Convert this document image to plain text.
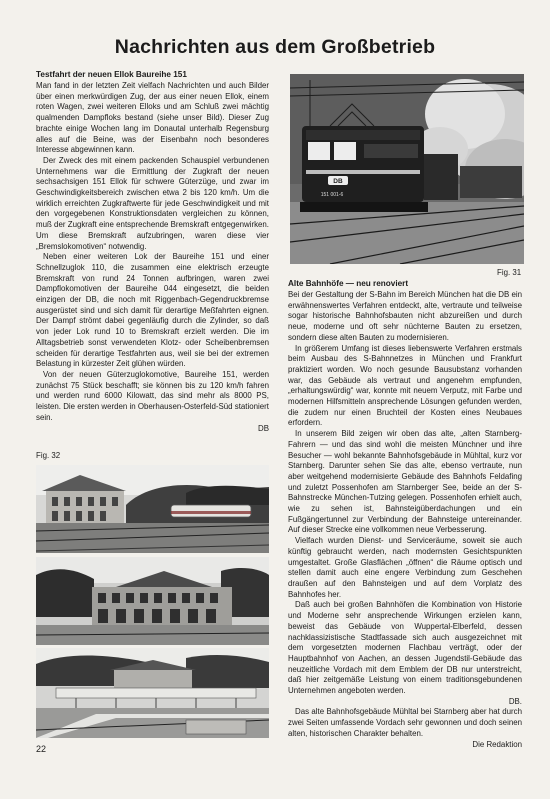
Nachrichten aus dem Großbetrieb
Testfahrt der neuen Ellok Baureihe 151

Man fand in der letzten Zeit vielfach Nachrichten und auch Bilder über einen merkwürdigen Zug, der aus einer neuen Ellok, einem roten Wagen, zwei weiteren Elloks und am Schluß zwei mächtig qualmenden Dampfloks bestand (siehe unser Bild). Dieser Zug brachte einige Wochen lang im Donautal unterhalb Regensburg alles auf die Beine, was der Eisenbahn noch besonderes Interesse abgewinnen kann.

Der Zweck des mit einem packenden Schauspiel verbundenen Unternehmens war die Ermittlung der Zugkraft der neuen sechsachsigen 151 Ellok für schwere Güterzüge, und zwar im Geschwindigkeitsbereich zwischen etwa 2 bis 120 km/h. Um die wirklich erreichten Zugkraftwerte für jede Geschwindigkeit und mit den vorgegebenen Konstruktionsdaten vergleichen zu können, muß der Zugkraft eine entsprechende Bremskraft entgegenwirken. Um diese Bremskraft aufzubringen, waren diese vier „Bremslokomotiven“ notwendig.

Neben einer weiteren Lok der Baureihe 151 und einer Schnellzuglok 110, die zusammen eine elektrisch erzeugte Bremskraft von rund 24 Tonnen aufbringen, waren zwei Dampflokomotiven der Baureihe 044 eingesetzt, die beiden einzigen der DB, die noch mit Riggenbach-Gegendruckbremse ausgerüstet sind und sich damit für derartige Meßfahrten eignen. Der Dampf strömt dabei gegenläufig durch die Zylinder, so daß von jeder Lok rund 10 to Bremskraft erzielt werden. Die im Alltagsbetrieb sonst verwendeten Klotz- oder Scheibenbremsen scheiden für derartige Testfahrten aus, weil sie bei der extremen Belastung in kürzester Zeit glühen würden.

Von der neuen Güterzuglokomotive, Baureihe 151, werden zunächst 75 Stück beschafft; sie können bis zu 120 km/h fahren und werden rund 6000 Kilowatt, das sind mehr als 8000 PS, leisten. Die ersten werden in Oberhausen-Osterfeld-Süd stationiert sein.

DB
Fig. 32
DB
151 001-6
Fig. 31
Alte Bahnhöfe — neu renoviert

Bei der Gestaltung der S-Bahn im Bereich München hat die DB ein erwähnenswertes Verfahren entdeckt, alte, vertraute und teilweise sogar historische Bahnhofsbauten nicht abzureißen und durch neue, moderne und oft sehr nüchterne Bauten zu ersetzen, sondern diese alten Bauten zu modernisieren.

In größerem Umfang ist dieses liebenswerte Verfahren erstmals beim Ausbau des S-Bahnnetzes in München und Frankfurt praktiziert worden. Wo noch gesunde Bausubstanz vorhanden war, das Gebäude als vertraut und angenehm empfunden, „erhaltungswürdig“ war, konnte mit neuem Verputz, mit Farbe und modernen Hilfsmitteln ansprechende Lösungen gefunden werden, die zudem nur einen Bruchteil der Kosten eines Neubaues erfordern.

In unserem Bild zeigen wir oben das alte, „alten Starnberg-Fahrern — und das sind wohl die meisten Münchner und ihre Besucher — wohl bekannte Bahnhofsgebäude in Mühltal, kurz vor Starnberg. Darunter sehen Sie das alte, ebenso vertraute, nun aber weitgehend modernisierte Gebäude des Bahnhofs Feldafing und zuletzt Possenhofen am Starnberger See, beide an der S-Bahnstrecke München-Tutzing gelegen. Possenhofen erhielt auch, wie zu sehen ist, Bahnsteigüberdachungen und ein Fußgängertunnel zur Verbindung der Bahnsteige untereinander. Auf dieser Strecke eine vollkommen neue Verbesserung.

Vielfach wurden Dienst- und Serviceräume, soweit sie auch künftig gebraucht werden, nach modernsten Gesichtspunkten umgestaltet. Große Glasflächen „öffnen“ die Räume optisch und stellen damit auch eine engere Verbindung zum Geschehen draußen auf den Bahnsteigen und auf dem Vorplatz des Bahnhofes her.

Daß auch bei großen Bahnhöfen die Kombination von Historie und Moderne sehr ansprechende Wirkungen erzielen kann, beweist das Gebäude von Wuppertal-Elberfeld, dessen nachklassizistische Stadtfassade sich auch ausgezeichnet mit dem vorgesetzten modernen Flachbau verträgt, oder der Hauptbahnhof von Aachen, an dessen Jugendstil-Gebäude das neuzeitliche Vordach mit dem Emblem der DB nur unterstreicht, daß hier zeitgemäße Leistung von einem traditionsgebundenen Unternehmen angeboten werden.

DB.

Das alte Bahnhofsgebäude Mühltal bei Starnberg aber hat durch zwei Seiten umfassende Vordach sehr gewonnen und doch seinen alten, historischen Charakter behalten.

Die Redaktion
22
